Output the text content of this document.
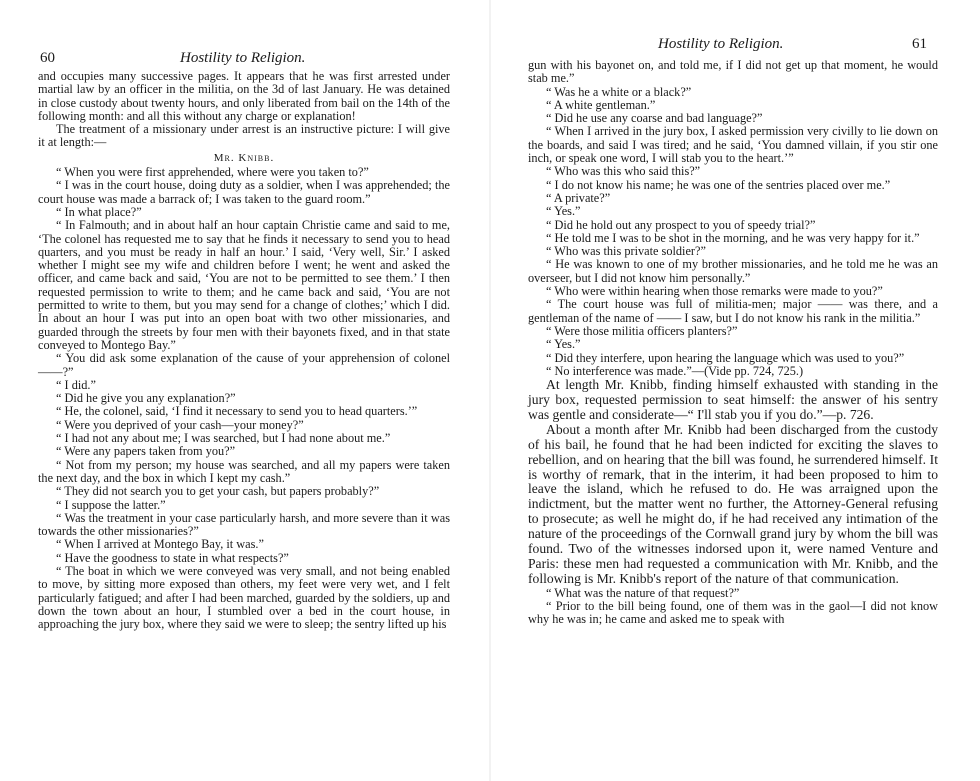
60	Hostility to Religion.

and occupies many successive pages. It appears that he was first arrested under martial law by an officer in the militia, on the 3d of last January. He was detained in close custody about twenty hours, and only liberated from bail on the 14th of the following month: and all this without any charge or explanation!

The treatment of a missionary under arrest is an instructive picture: I will give it at length:—

Mr. Knibb.

“ When you were first apprehended, where were you taken to?”

“ I was in the court house, doing duty as a soldier, when I was apprehended; the court house was made a barrack of; I was taken to the guard room.”

“ In what place?”

“ In Falmouth; and in about half an hour captain Christie came and said to me, ‘The colonel has requested me to say that he finds it necessary to send you to head quarters, and you must be ready in half an hour.’ I said, ‘Very well, Sir.’ I asked whether I might see my wife and children before I went; he went and asked the officer, and came back and said, ‘You are not to be permitted to see them.’ I then requested permission to write to them; and he came back and said, ‘You are not permitted to write to them, but you may send for a change of clothes;’ which I did. In about an hour I was put into an open boat with two other missionaries, and guarded through the streets by four men with their bayonets fixed, and in that state conveyed to Montego Bay.”

“ You did ask some explanation of the cause of your apprehension of colonel ——?”

“ I did.”

“ Did he give you any explanation?”

“ He, the colonel, said, ‘I find it necessary to send you to head quarters.’”

“ Were you deprived of your cash—your money?”

“ I had not any about me; I was searched, but I had none about me.”

“ Were any papers taken from you?”

“ Not from my person; my house was searched, and all my papers were taken the next day, and the box in which I kept my cash.”

“ They did not search you to get your cash, but papers probably?”

“ I suppose the latter.”

“ Was the treatment in your case particularly harsh, and more severe than it was towards the other missionaries?”

“ When I arrived at Montego Bay, it was.”

“ Have the goodness to state in what respects?”

“ The boat in which we were conveyed was very small, and not being enabled to move, by sitting more exposed than others, my feet were very wet, and I felt particularly fatigued; and after I had been marched, guarded by the soldiers, up and down the town about an hour, I stumbled over a bed in the court house, in approaching the jury box, where they said we were to sleep; the sentry lifted up his

Hostility to Religion.	61

gun with his bayonet on, and told me, if I did not get up that moment, he would stab me.”

“ Was he a white or a black?”

“ A white gentleman.”

“ Did he use any coarse and bad language?”

“ When I arrived in the jury box, I asked permission very civilly to lie down on the boards, and said I was tired; and he said, ‘You damned villain, if you stir one inch, or speak one word, I will stab you to the heart.’”

“ Who was this who said this?”

“ I do not know his name; he was one of the sentries placed over me.”

“ A private?”

“ Yes.”

“ Did he hold out any prospect to you of speedy trial?”

“ He told me I was to be shot in the morning, and he was very happy for it.”

“ Who was this private soldier?”

“ He was known to one of my brother missionaries, and he told me he was an overseer, but I did not know him personally.”

“ Who were within hearing when those remarks were made to you?”

“ The court house was full of militia-men; major —— was there, and a gentleman of the name of —— I saw, but I do not know his rank in the militia.”

“ Were those militia officers planters?”

“ Yes.”

“ Did they interfere, upon hearing the language which was used to you?”

“ No interference was made.”—(Vide pp. 724, 725.)

At length Mr. Knibb, finding himself exhausted with standing in the jury box, requested permission to seat himself: the answer of his sentry was gentle and considerate—“ I'll stab you if you do.”—p. 726.

About a month after Mr. Knibb had been discharged from the custody of his bail, he found that he had been indicted for exciting the slaves to rebellion, and on hearing that the bill was found, he surrendered himself. It is worthy of remark, that in the interim, it had been proposed to him to leave the island, which he refused to do. He was arraigned upon the indictment, but the matter went no further, the Attorney-General refusing to prosecute; as well he might do, if he had received any intimation of the nature of the proceedings of the Cornwall grand jury by whom the bill was found. Two of the witnesses indorsed upon it, were named Venture and Paris: these men had requested a communication with Mr. Knibb, and the following is Mr. Knibb's report of the nature of that communication.

“ What was the nature of that request?”

“ Prior to the bill being found, one of them was in the gaol—I did not know why he was in; he came and asked me to speak with
